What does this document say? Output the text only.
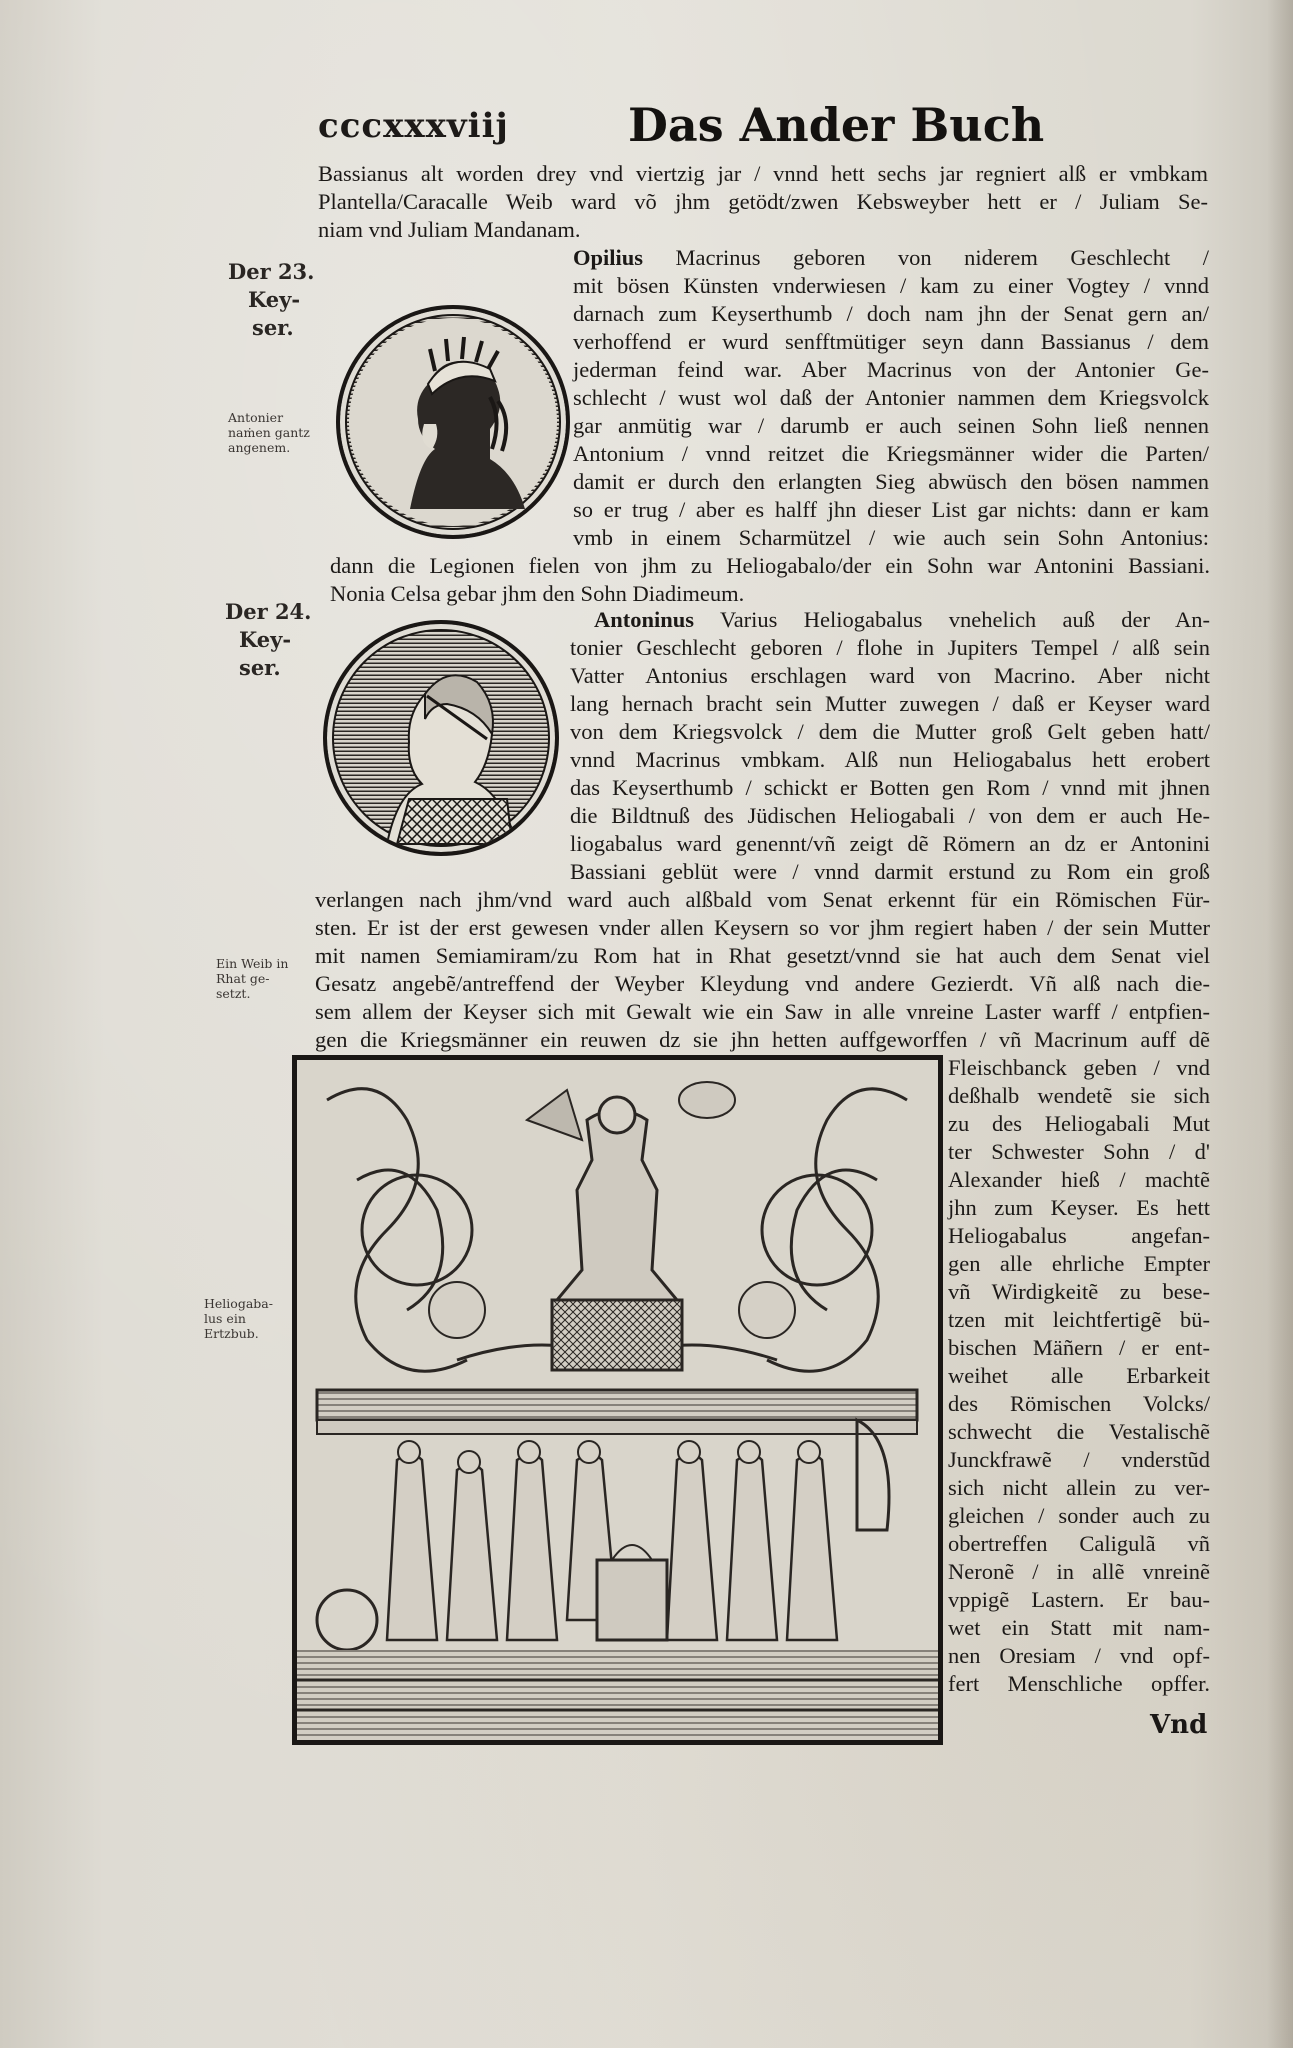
cccxxxviij	Das Ander Buch
Bassianus alt worden drey vnd viertzig jar / vnnd hett sechs jar regniert alß er vmbkam
Plantella/Caracalle Weib ward võ jhm getödt/zwen Kebsweyber hett er / Juliam Se-
niam vnd Juliam Mandanam.
Der 23.
Key-
ser.
Antonier
naṁen gantz
angenem.
Opilius Macrinus geboren von niderem Geschlecht /
mit bösen Künsten vnderwiesen / kam zu einer Vogtey / vnnd
darnach zum Keyserthumb / doch nam jhn der Senat gern an/
verhoffend er wurd senfftmütiger seyn dann Bassianus / dem
jederman feind war. Aber Macrinus von der Antonier Ge-
schlecht / wust wol daß der Antonier nammen dem Kriegsvolck
gar anmütig war / darumb er auch seinen Sohn ließ nennen
Antonium / vnnd reitzet die Kriegsmänner wider die Parten/
damit er durch den erlangten Sieg abwüsch den bösen nammen
so er trug / aber es halff jhn dieser List gar nichts: dann er kam
vmb in einem Scharmützel / wie auch sein Sohn Antonius:
dann die Legionen fielen von jhm zu Heliogabalo/der ein Sohn war Antonini Bassiani.
Nonia Celsa gebar jhm den Sohn Diadimeum.
Der 24.
Key-
ser.
Antoninus Varius Heliogabalus vnehelich auß der An-
tonier Geschlecht geboren / flohe in Jupiters Tempel / alß sein
Vatter Antonius erschlagen ward von Macrino. Aber nicht
lang hernach bracht sein Mutter zuwegen / daß er Keyser ward
von dem Kriegsvolck / dem die Mutter groß Gelt geben hatt/
vnnd Macrinus vmbkam. Alß nun Heliogabalus hett erobert
das Keyserthumb / schickt er Botten gen Rom / vnnd mit jhnen
die Bildtnuß des Jüdischen Heliogabali / von dem er auch He-
liogabalus ward genennt/vñ zeigt dẽ Römern an dz er Antonini
Bassiani geblüt were / vnnd darmit erstund zu Rom ein groß
verlangen nach jhm/vnd ward auch alßbald vom Senat erkennt für ein Römischen Für-
sten. Er ist der erst gewesen vnder allen Keysern so vor jhm regiert haben / der sein Mutter
mit namen Semiamiram/zu Rom hat in Rhat gesetzt/vnnd sie hat auch dem Senat viel
Gesatz angebẽ/antreffend der Weyber Kleydung vnd andere Gezierdt. Vñ alß nach die-
sem allem der Keyser sich mit Gewalt wie ein Saw in alle vnreine Laster warff / entpfien-
gen die Kriegsmänner ein reuwen dz sie jhn hetten auffgeworffen / vñ Macrinum auff dẽ
Ein Weib in
Rhat ge-
setzt.
Heliogaba-
lus ein
Ertzbub.
Fleischbanck geben / vnd
deßhalb wendetẽ sie sich
zu des Heliogabali Mut
ter Schwester Sohn / d'
Alexander hieß / machtẽ
jhn zum Keyser. Es hett
Heliogabalus angefan-
gen alle ehrliche Empter
vñ Wirdigkeitẽ zu bese-
tzen mit leichtfertigẽ bü-
bischen Mäñern / er ent-
weihet alle Erbarkeit
des Römischen Volcks/
schwecht die Vestalischẽ
Junckfrawẽ / vnderstũd
sich nicht allein zu ver-
gleichen / sonder auch zu
obertreffen Caligulã vñ
Neronẽ / in allẽ vnreinẽ
vppigẽ Lastern. Er bau-
wet ein Statt mit nam-
nen Oresiam / vnd opf-
fert Menschliche opffer.
Vnd
